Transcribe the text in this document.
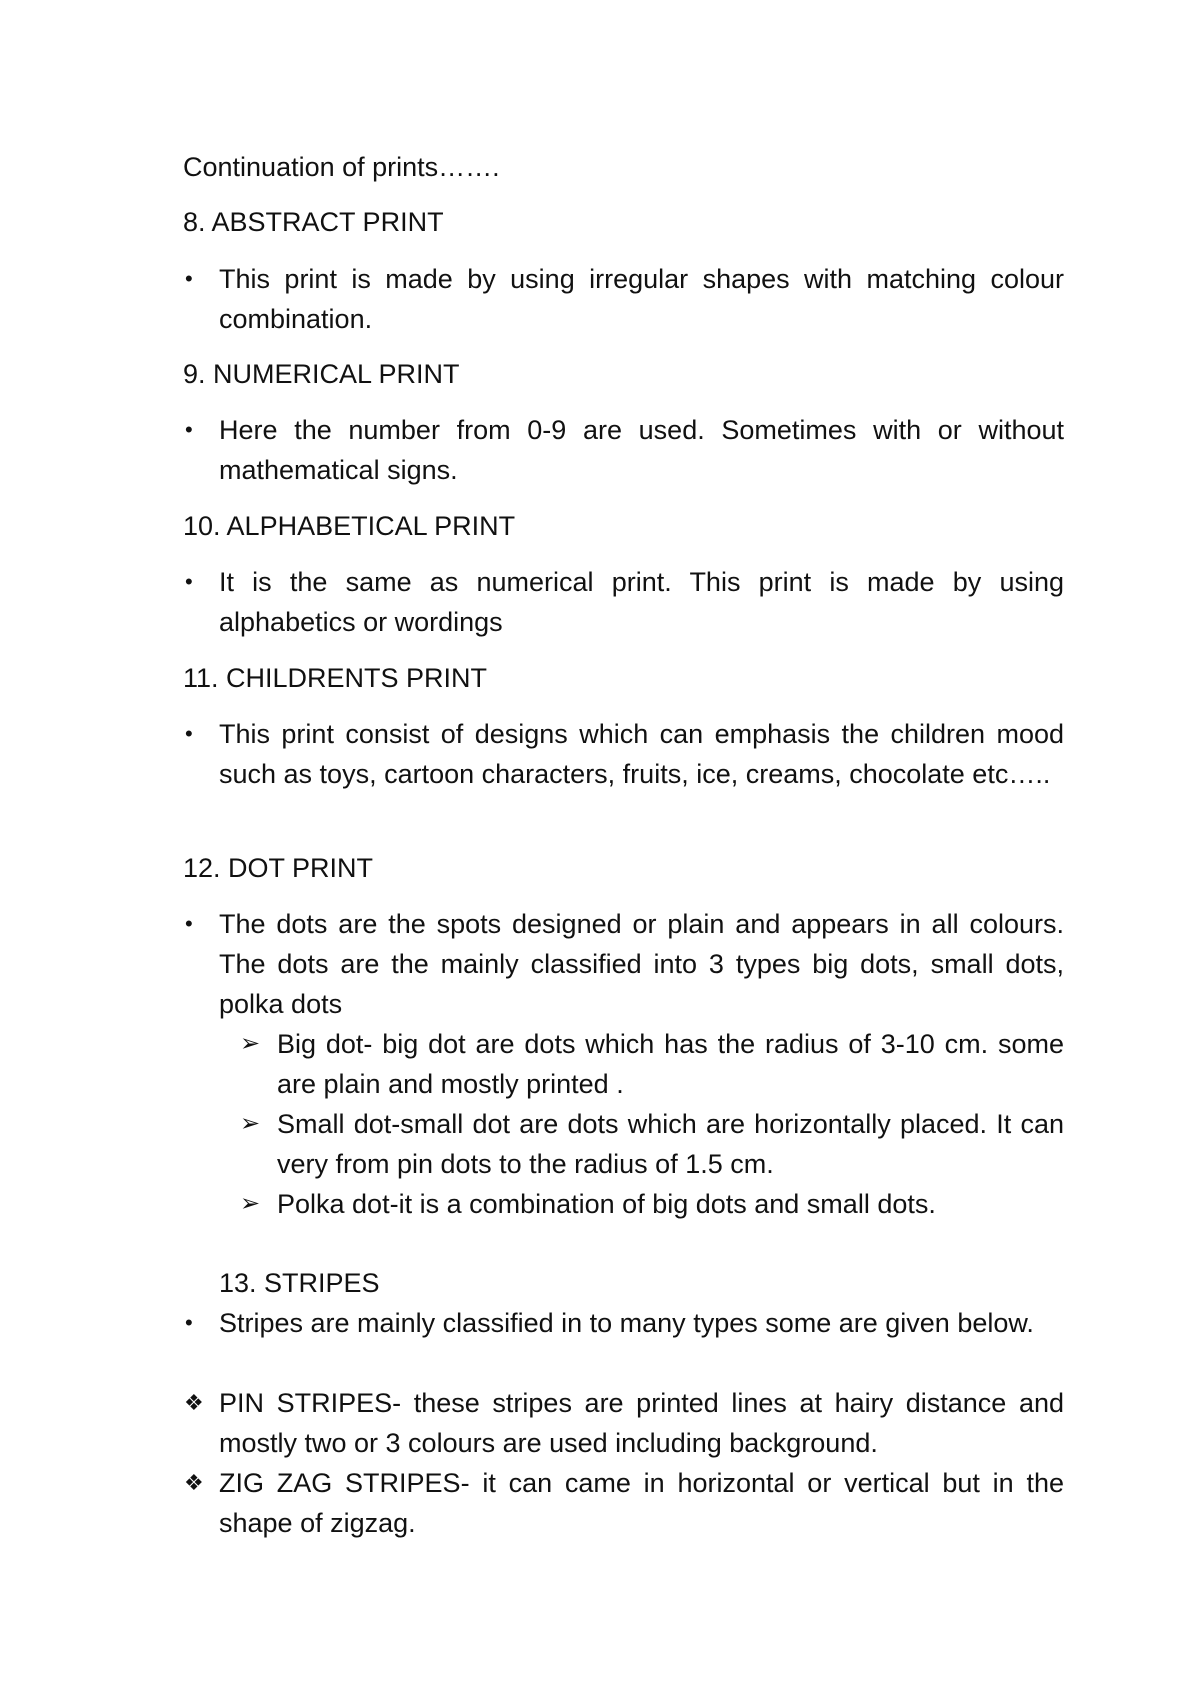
Continuation of prints…….

8. ABSTRACT PRINT

• This print is made by using irregular shapes with matching colour combination.

9. NUMERICAL PRINT

• Here the number from 0-9 are used. Sometimes with or without mathematical signs.

10. ALPHABETICAL PRINT

• It is the same as numerical print. This print is made by using alphabetics or wordings

11. CHILDRENTS PRINT

• This print consist of designs which can emphasis the children mood such as toys, cartoon characters, fruits, ice, creams, chocolate etc…..

12. DOT PRINT

• The dots are the spots designed or plain and appears in all colours. The dots are the mainly classified into 3 types big dots, small dots, polka dots

➢ Big dot- big dot are dots which has the radius of 3-10 cm. some are plain and mostly printed .

➢ Small dot-small dot are dots which are horizontally placed. It can very from pin dots to the radius of 1.5 cm.

➢ Polka dot-it is a combination of big dots and small dots.

13. STRIPES

• Stripes are mainly classified in to many types some are given below.

❖ PIN STRIPES- these stripes are printed lines at hairy distance and mostly two or 3 colours are used including background.

❖ ZIG ZAG STRIPES- it can came in horizontal or vertical but in the shape of zigzag.
